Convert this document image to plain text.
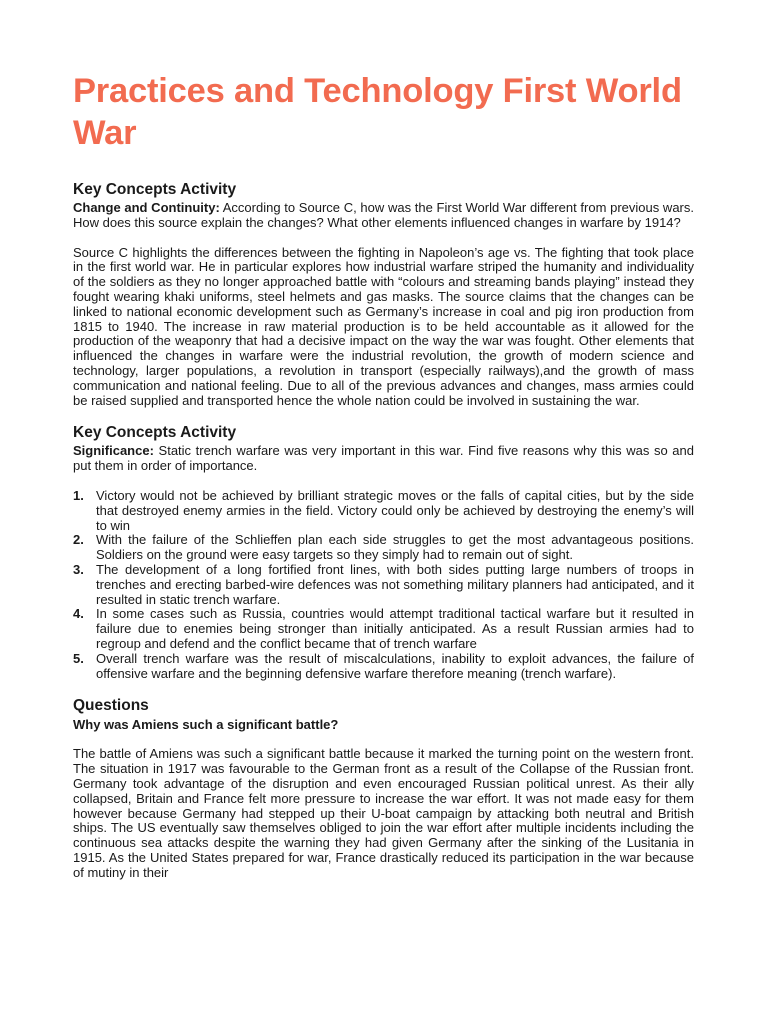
Practices and Technology First World War
Key Concepts Activity

Change and Continuity: According to Source C, how was the First World War different from previous wars. How does this source explain the changes? What other elements influenced changes in warfare by 1914?

Source C highlights the differences between the fighting in Napoleon’s age vs. The fighting that took place in the first world war. He in particular explores how industrial warfare striped the humanity and individuality of the soldiers as they no longer approached battle with “colours and streaming bands playing” instead they fought wearing khaki uniforms, steel helmets and gas masks. The source claims that the changes can be linked to national economic development such as Germany’s increase in coal and pig iron production from 1815 to 1940. The increase in raw material production is to be held accountable as it allowed for the production of the weaponry that had a decisive impact on the way the war was fought. Other elements that influenced the changes in warfare were the industrial revolution, the growth of modern science and technology, larger populations, a revolution in transport (especially railways),and the growth of mass communication and national feeling. Due to all of the previous advances and changes, mass armies could be raised supplied and transported hence the whole nation could be involved in sustaining the war.

Key Concepts Activity

Significance: Static trench warfare was very important in this war. Find five reasons why this was so and put them in order of importance.

1. Victory would not be achieved by brilliant strategic moves or the falls of capital cities, but by the side that destroyed enemy armies in the field. Victory could only be achieved by destroying the enemy’s will to win
2. With the failure of the Schlieffen plan each side struggles to get the most advantageous positions. Soldiers on the ground were easy targets so they simply had to remain out of sight.
3. The development of a long fortified front lines, with both sides putting large numbers of troops in trenches and erecting barbed-wire defences was not something military planners had anticipated, and it resulted in static trench warfare.
4. In some cases such as Russia, countries would attempt traditional tactical warfare but it resulted in failure due to enemies being stronger than initially anticipated. As a result Russian armies had to regroup and defend and the conflict became that of trench warfare
5. Overall trench warfare was the result of miscalculations, inability to exploit advances, the failure of offensive warfare and the beginning defensive warfare therefore meaning (trench warfare).
Questions
Why was Amiens such a significant battle?

The battle of Amiens was such a significant battle because it marked the turning point on the western front. The situation in 1917 was favourable to the German front as a result of the Collapse of the Russian front. Germany took advantage of the disruption and even encouraged Russian political unrest. As their ally collapsed, Britain and France felt more pressure to increase the war effort. It was not made easy for them however because Germany had stepped up their U-boat campaign by attacking both neutral and British ships. The US eventually saw themselves obliged to join the war effort after multiple incidents including the continuous sea attacks despite the warning they had given Germany after the sinking of the Lusitania in 1915. As the United States prepared for war, France drastically reduced its participation in the war because of mutiny in their
